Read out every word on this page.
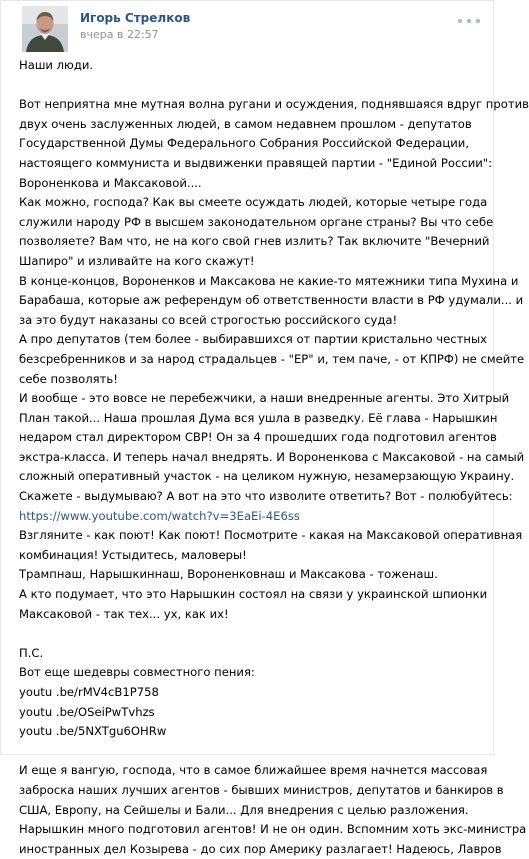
Игорь Стрелков
вчера в 22:57
Наши люди.
Вот неприятна мне мутная волна ругани и осуждения, поднявшаяся вдруг против
двух очень заслуженных людей, в самом недавнем прошлом - депутатов
Государственной Думы Федерального Собрания Российской Федерации,
настоящего коммуниста и выдвиженки правящей партии - "Единой России":
Вороненкова и Максаковой....
Как можно, господа? Как вы смеете осуждать людей, которые четыре года
служили народу РФ в высшем законодательном органе страны? Вы что себе
позволяете? Вам что, не на кого свой гнев излить? Так включите "Вечерний
Шапиро" и изливайте на кого скажут!
В конце-концов, Вороненков и Максакова не какие-то мятежники типа Мухина и
Барабаша, которые аж референдум об ответственности власти в РФ удумали... и
за это будут наказаны со всей строгостью российского суда!
А про депутатов (тем более - выбиравшихся от партии кристально честных
безсребренников и за народ страдальцев - "ЕР" и, тем паче, - от КПРФ) не смейте
себе позволять!
И вообще - это вовсе не перебежчики, а наши внедренные агенты. Это Хитрый
План такой... Наша прошлая Дума вся ушла в разведку. Её глава - Нарышкин
недаром стал директором СВР! Он за 4 прошедших года подготовил агентов
экстра-класса. И теперь начал внедрять. И Вороненкова с Максаковой - на самый
сложный оперативный участок - на целиком нужную, незамерзающую Украину.
Скажете - выдумываю? А вот на это что изволите ответить? Вот - полюбуйтесь:
https://www.youtube.com/watch?v=3EaEi-4E6ss
Взгляните - как поют! Как поют! Посмотрите - какая на Максаковой оперативная
комбинация! Устыдитесь, маловеры!
Трампнаш, Нарышкиннаш, Вороненковнаш и Максакова - тоженаш.
А кто подумает, что это Нарышкин состоял на связи у украинской шпионки
Максаковой - так тех... ух, как их!
П.С.
Вот еще шедевры совместного пения:
youtu .be/rMV4cB1P758
youtu .be/OSeiPwTvhzs
youtu .be/5NXTgu6OHRw
И еще я вангую, господа, что в самое ближайшее время начнется массовая
заброска наших лучших агентов - бывших министров, депутатов и банкиров в
США, Европу, на Сейшелы и Бали... Для внедрения с целью разложения.
Нарышкин много подготовил агентов! И не он один. Вспомним хоть экс-министра
иностранных дел Козырева - до сих пор Америку разлагает! Надеюсь, Лавров
